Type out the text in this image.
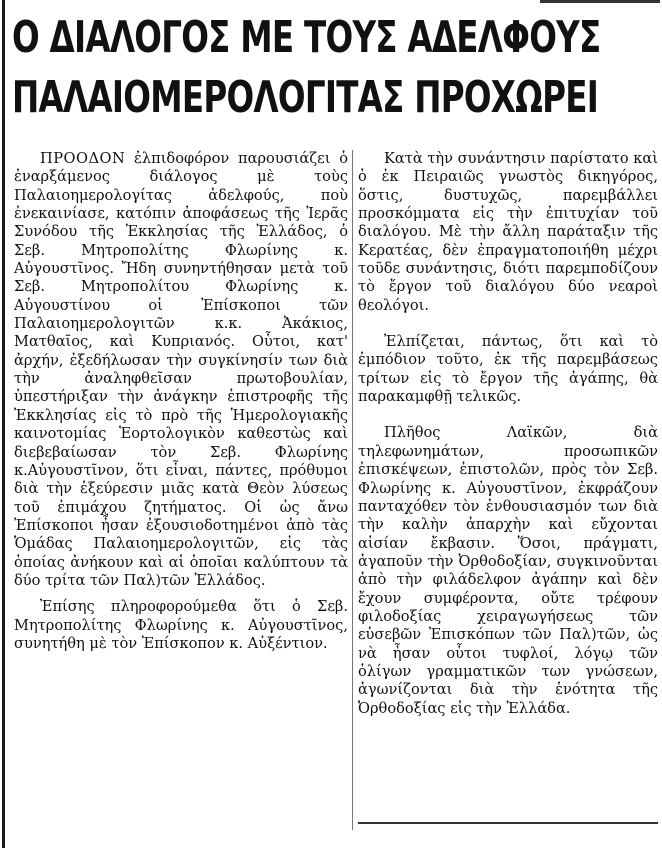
Ο ΔΙΑΛΟΓΟΣ ΜΕ ΤΟΥΣ ΑΔΕΛΦΟΥΣ
ΠΑΛΑΙΟΜΕΡΟΛΟΓΙΤΑΣ ΠΡΟΧΩΡΕΙ

ΠΡΟΟΔΟΝ ἐλπιδοφόρον παρουσιάζει ὁ ἐναρξάμενος διάλογος μὲ τοὺς Παλαιοημερολογίτας ἀδελφούς, ποὺ ἐνεκαινίασε, κατόπιν ἀποφάσεως τῆς Ἱερᾶς Συνόδου τῆς Ἐκκλησίας τῆς Ἑλλάδος, ὁ Σεβ. Μητροπολίτης Φλωρίνης κ. Αὐγουστῖνος. Ἤδη συνηντήθησαν μετὰ τοῦ Σεβ. Μητροπολίτου Φλωρίνης κ. Αὐγουστίνου οἱ Ἐπίσκοποι τῶν Παλαιοημερολογιτῶν κ.κ. Ἀκάκιος, Ματθαῖος, καὶ Κυπριανός. Οὗτοι, κατ' ἀρχήν, ἐξεδήλωσαν τὴν συγκίνησίν των διὰ τὴν ἀναληφθεῖσαν πρωτοβουλίαν, ὑπεστήριξαν τὴν ἀνάγκην ἐπιστροφῆς τῆς Ἐκκλησίας εἰς τὸ πρὸ τῆς Ἡμερολογιακῆς καινοτομίας Ἑορτολογικὸν καθεστὼς καὶ διεβεβαίωσαν τὸν Σεβ. Φλωρίνης κ.Αὐγουστῖνον, ὅτι εἶναι, πάντες, πρόθυμοι διὰ τὴν ἐξεύρεσιν μιᾶς κατὰ Θεὸν λύσεως τοῦ ἐπιμάχου ζητήματος. Οἱ ὡς ἄνω Ἐπίσκοποι ἦσαν ἐξουσιοδοτημένοι ἀπὸ τὰς Ὁμάδας Παλαιοημερολογιτῶν, εἰς τὰς ὁποίας ἀνήκουν καὶ αἱ ὁποῖαι καλύπτουν τὰ δύο τρίτα τῶν Παλ)τῶν Ἑλλάδος.

Ἐπίσης πληροφορούμεθα ὅτι ὁ Σεβ. Μητροπολίτης Φλωρίνης κ. Αὐγουστῖνος, συνητήθη μὲ τὸν Ἐπίσκοπον κ. Αὐξέντιον.

Κατὰ τὴν συνάντησιν παρίστατο καὶ ὁ ἐκ Πειραιῶς γνωστὸς δικηγόρος, ὅστις, δυστυχῶς, παρεμβάλλει προσκόμματα εἰς τὴν ἐπιτυχίαν τοῦ διαλόγου. Μὲ τὴν ἄλλη παράταξιν τῆς Κερατέας, δὲν ἐπραγματοποιήθη μέχρι τοῦδε συνάντησις, διότι παρεμποδίζουν τὸ ἔργον τοῦ διαλόγου δύο νεαροὶ θεολόγοι.

Ἐλπίζεται, πάντως, ὅτι καὶ τὸ ἐμπόδιον τοῦτο, ἐκ τῆς παρεμβάσεως τρίτων εἰς τὸ ἔργον τῆς ἀγάπης, θὰ παρακαμφθῇ τελικῶς.

Πλῆθος Λαϊκῶν, διὰ τηλεφωνημάτων, προσωπικῶν ἐπισκέψεων, ἐπιστολῶν, πρὸς τὸν Σεβ. Φλωρίνης κ. Αὐγουστῖνον, ἐκφράζουν πανταχόθεν τὸν ἐνθουσιασμόν των διὰ τὴν καλὴν ἀπαρχὴν καὶ εὔχονται αἰσίαν ἔκβασιν. Ὅσοι, πράγματι, ἀγαποῦν τὴν Ὀρθοδοξίαν, συγκινοῦνται ἀπὸ τὴν φιλάδελφον ἀγάπην καὶ δὲν ἔχουν συμφέροντα, οὔτε τρέφουν φιλοδοξίας χειραγωγήσεως τῶν εὐσεβῶν Ἐπισκόπων τῶν Παλ)τῶν, ὡς νὰ ἦσαν οὗτοι τυφλοί, λόγῳ τῶν ὀλίγων γραμματικῶν των γνώσεων, ἀγωνίζονται διὰ τὴν ἑνότητα τῆς Ὀρθοδοξίας εἰς τὴν Ἑλλάδα.
